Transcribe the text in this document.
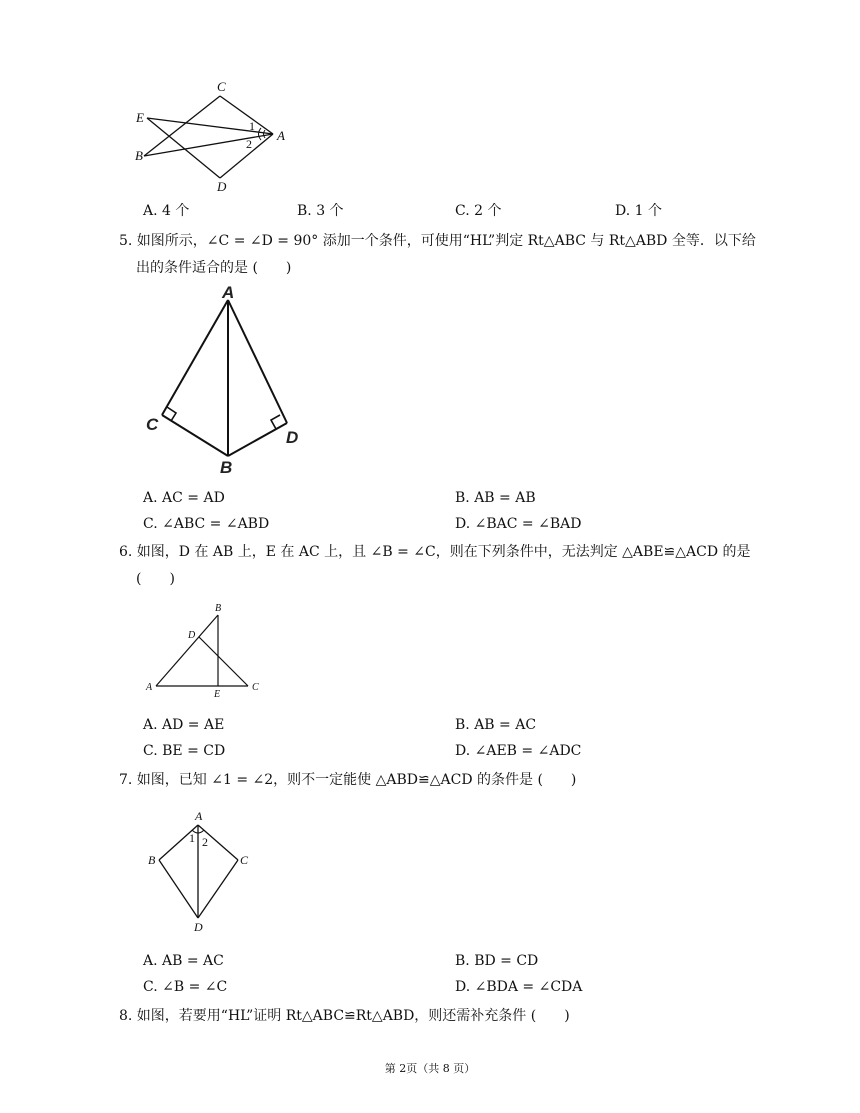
C
E
B
D
A
1
2
A. 4 个	B. 3 个	C. 2 个	D. 1 个
5. 如图所示，∠C = ∠D = 90° 添加一个条件，可使用“HL”判定 Rt△ABC 与 Rt△ABD 全等．以下给
出的条件适合的是 (　　)
A
C
B
D
A. AC = AD	B. AB = AB
C. ∠ABC = ∠ABD	D. ∠BAC = ∠BAD
6. 如图，D 在 AB 上，E 在 AC 上，且 ∠B = ∠C，则在下列条件中，无法判定 △ABE≌△ACD 的是
(　　)
B
D
A
E
C
A. AD = AE	B. AB = AC
C. BE = CD	D. ∠AEB = ∠ADC
7. 如图，已知 ∠1 = ∠2，则不一定能使 △ABD≌△ACD 的条件是 (　　)
A
B	C
D
1 2
A. AB = AC	B. BD = CD
C. ∠B = ∠C	D. ∠BDA = ∠CDA
8. 如图，若要用“HL”证明 Rt△ABC≌Rt△ABD，则还需补充条件 (　　)
第 2页（共 8 页）
